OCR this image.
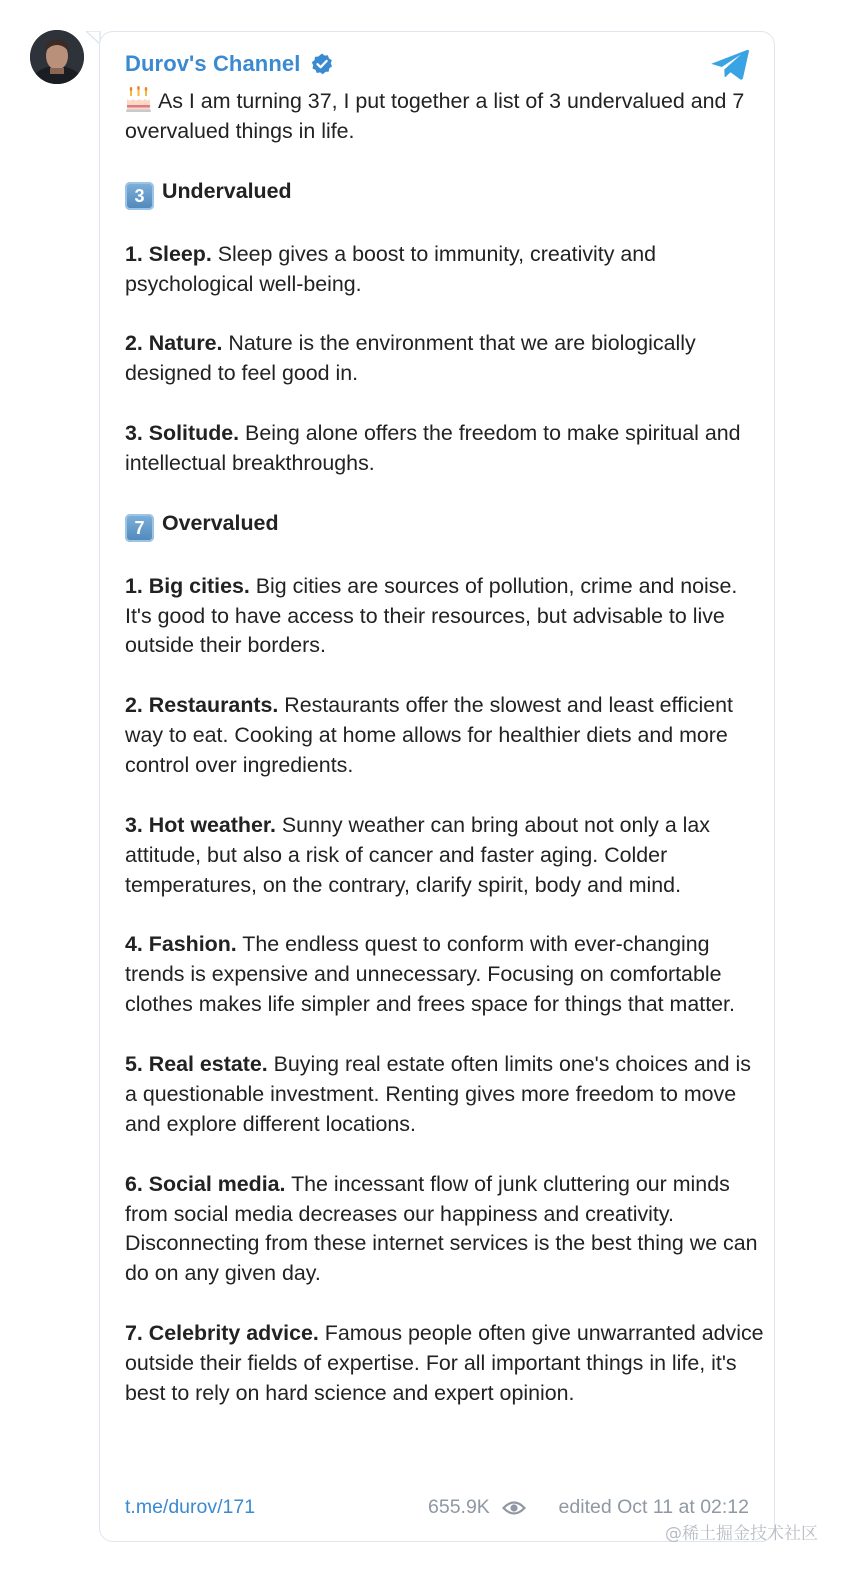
Durov's Channel

As I am turning 37, I put together a list of 3 undervalued and 7 overvalued things in life.

3 Undervalued

1. Sleep. Sleep gives a boost to immunity, creativity and psychological well-being.

2. Nature. Nature is the environment that we are biologically designed to feel good in.

3. Solitude. Being alone offers the freedom to make spiritual and intellectual breakthroughs.

7 Overvalued

1. Big cities. Big cities are sources of pollution, crime and noise. It's good to have access to their resources, but advisable to live outside their borders.

2. Restaurants. Restaurants offer the slowest and least efficient way to eat. Cooking at home allows for healthier diets and more control over ingredients.

3. Hot weather. Sunny weather can bring about not only a lax attitude, but also a risk of cancer and faster aging. Colder temperatures, on the contrary, clarify spirit, body and mind.

4. Fashion. The endless quest to conform with ever-changing trends is expensive and unnecessary. Focusing on comfortable clothes makes life simpler and frees space for things that matter.

5. Real estate. Buying real estate often limits one's choices and is a questionable investment. Renting gives more freedom to move and explore different locations.

6. Social media. The incessant flow of junk cluttering our minds from social media decreases our happiness and creativity. Disconnecting from these internet services is the best thing we can do on any given day.

7. Celebrity advice. Famous people often give unwarranted advice outside their fields of expertise. For all important things in life, it's best to rely on hard science and expert opinion.

t.me/durov/171	655.9K	edited Oct 11 at 02:12
@稀土掘金技术社区
